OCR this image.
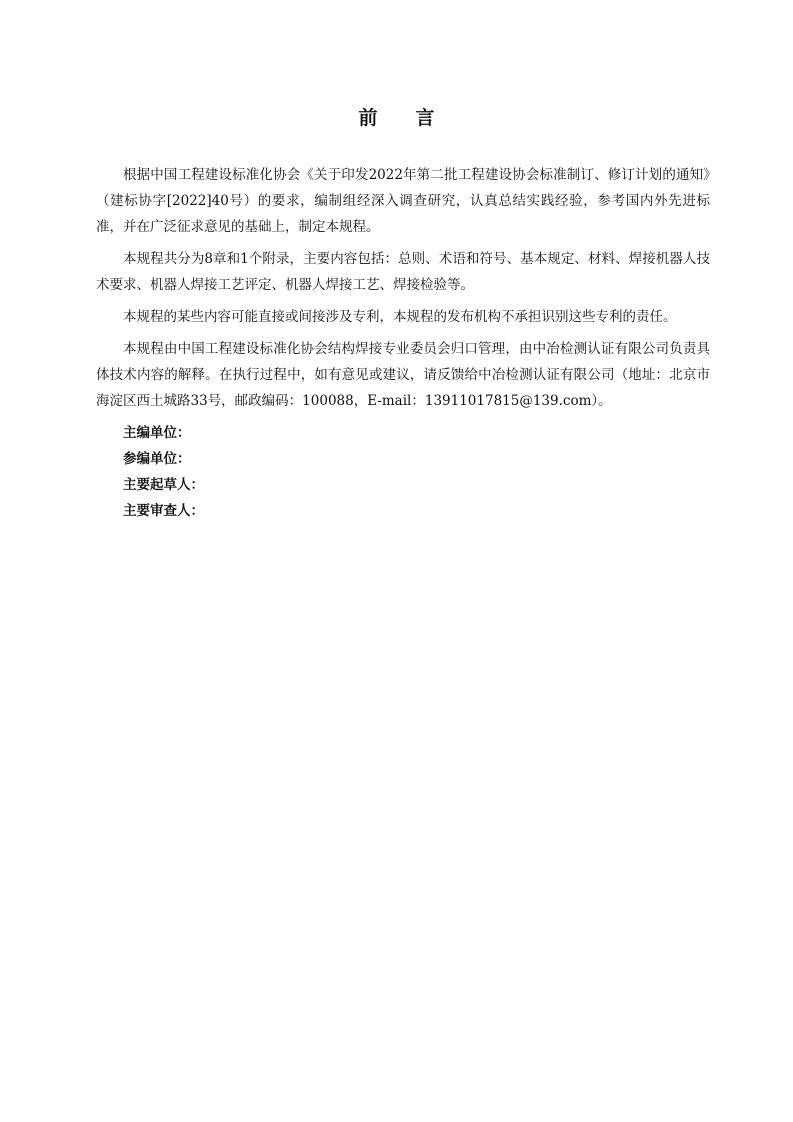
前言

根据中国工程建设标准化协会《关于印发2022年第二批工程建设协会标准制订、修订计划的通知》（建标协字[2022]40号）的要求，编制组经深入调查研究，认真总结实践经验，参考国内外先进标准，并在广泛征求意见的基础上，制定本规程。

本规程共分为8章和1个附录，主要内容包括：总则、术语和符号、基本规定、材料、焊接机器人技术要求、机器人焊接工艺评定、机器人焊接工艺、焊接检验等。

本规程的某些内容可能直接或间接涉及专利，本规程的发布机构不承担识别这些专利的责任。

本规程由中国工程建设标准化协会结构焊接专业委员会归口管理，由中冶检测认证有限公司负责具体技术内容的解释。在执行过程中，如有意见或建议，请反馈给中冶检测认证有限公司（地址：北京市海淀区西土城路33号，邮政编码：100088，E-mail：13911017815@139.com）。

主编单位：

参编单位：

主要起草人：

主要审查人：
